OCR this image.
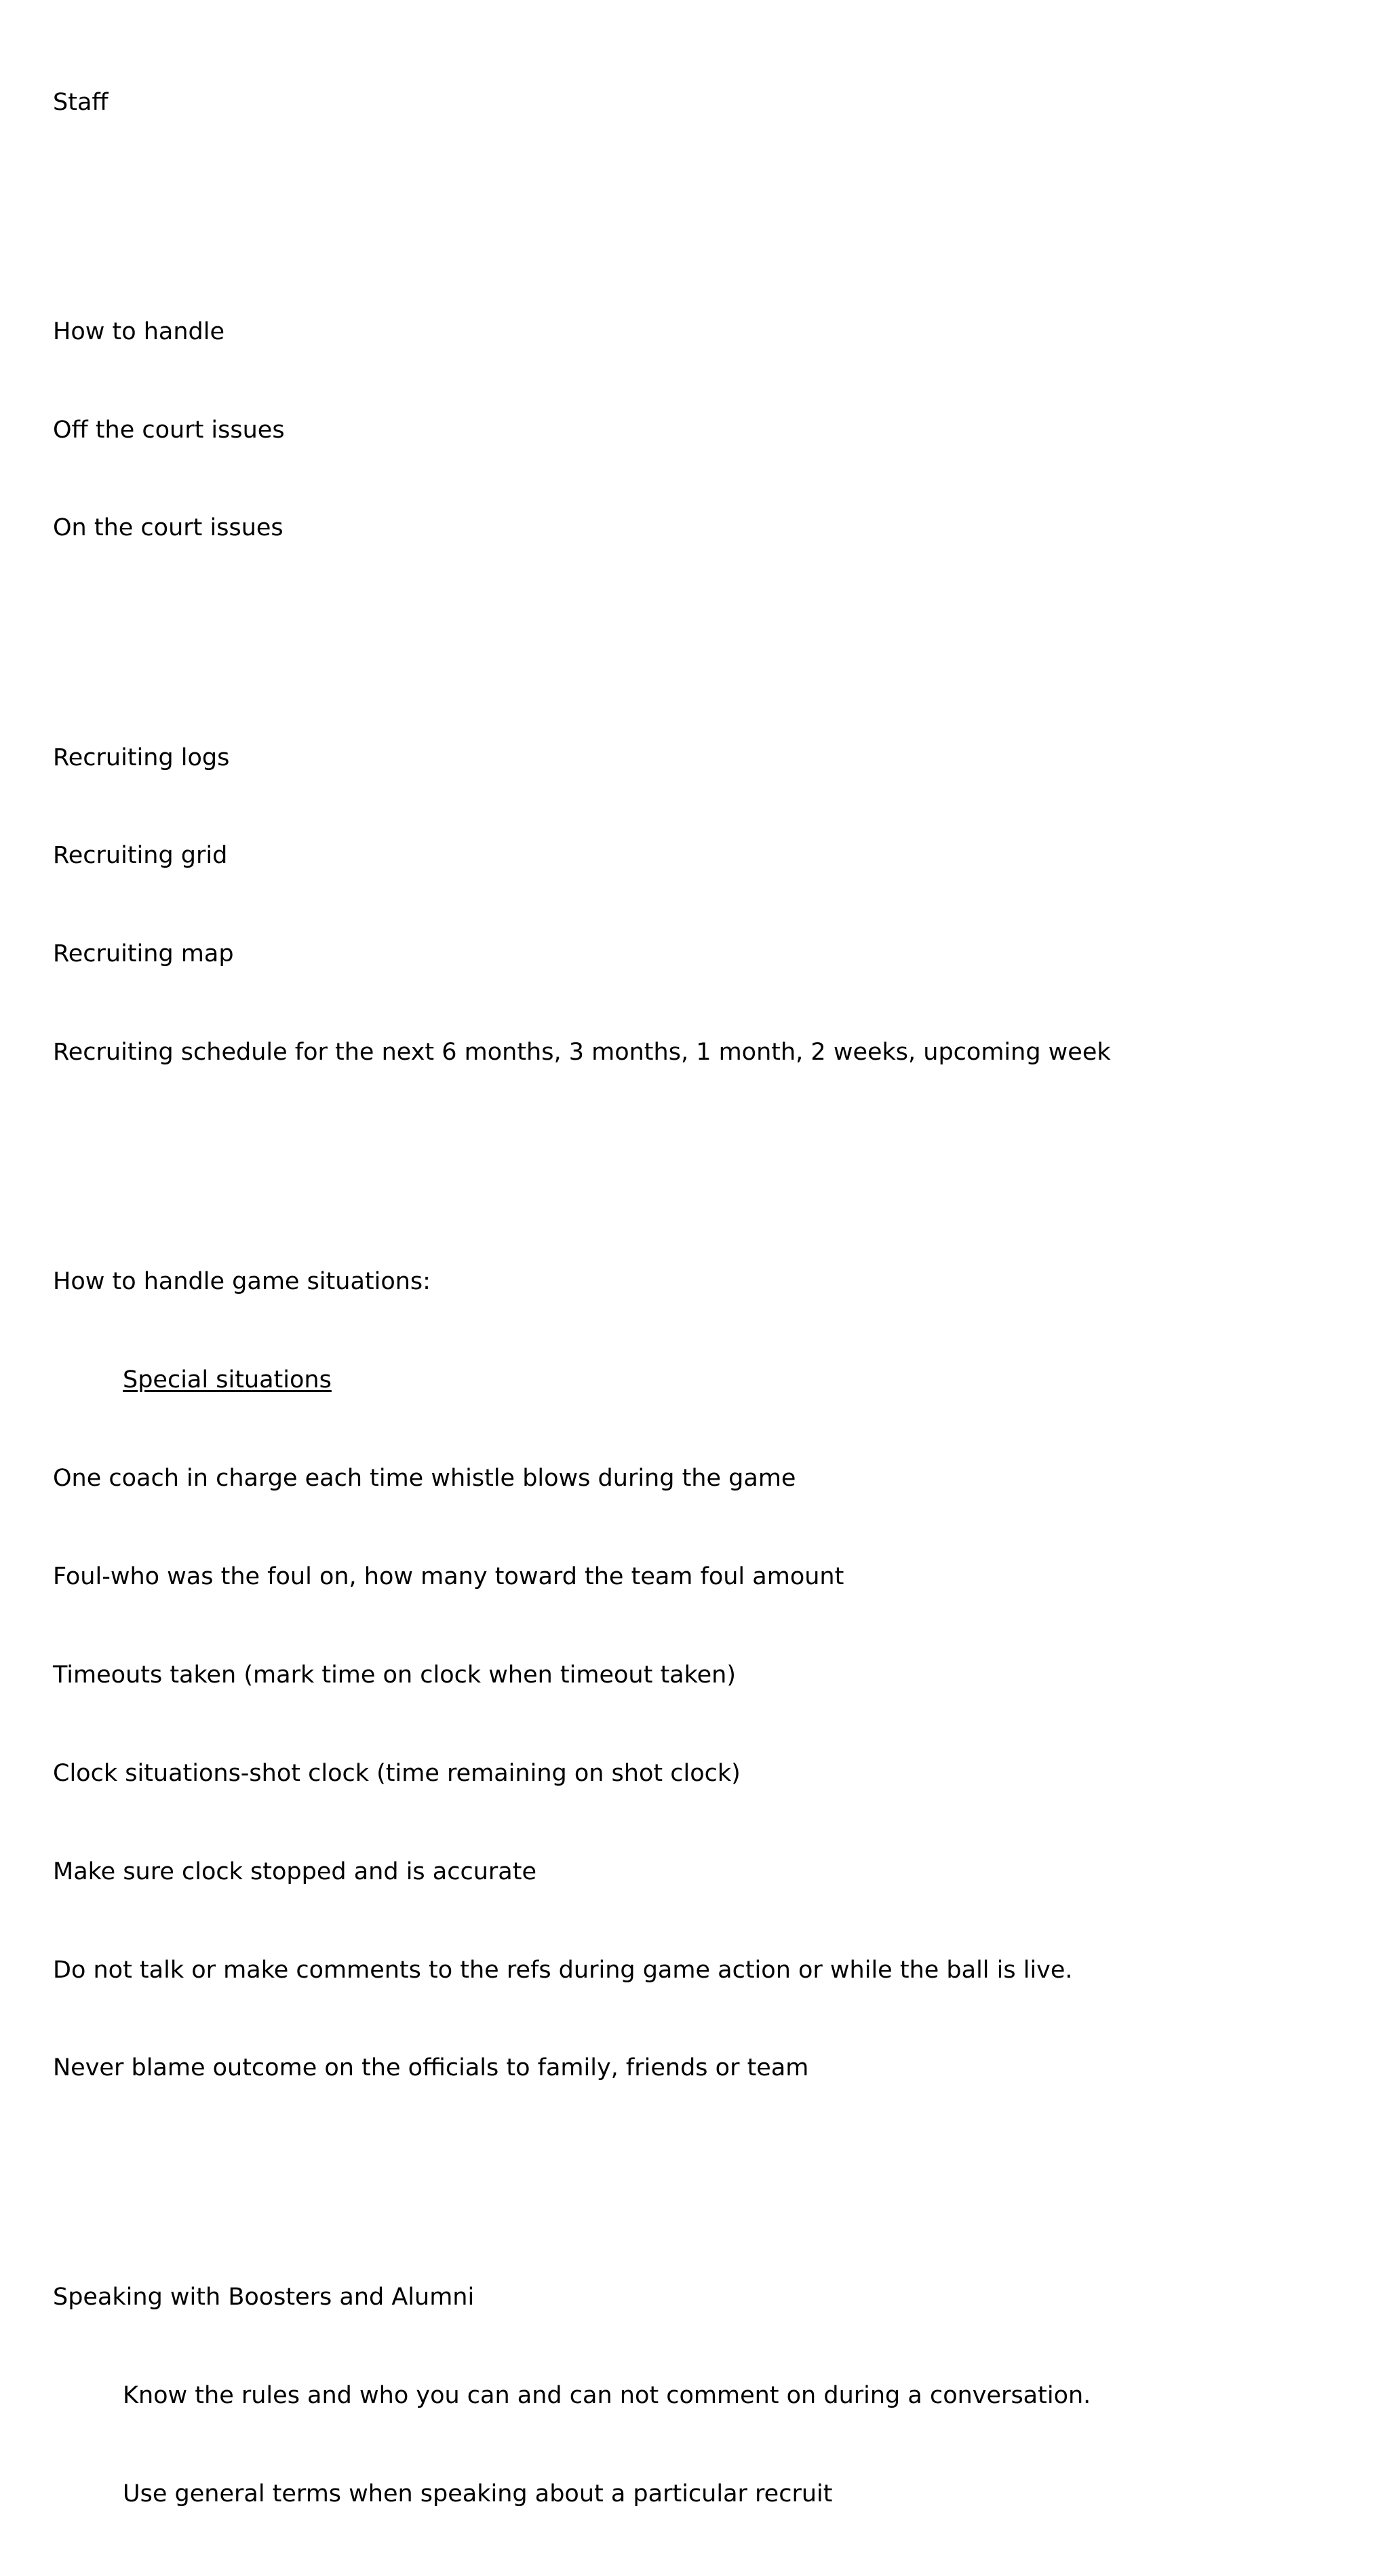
Staff

How to handle

Off the court issues

On the court issues

Recruiting logs

Recruiting grid

Recruiting map

Recruiting schedule for the next 6 months, 3 months, 1 month, 2 weeks, upcoming week

How to handle game situations:

Special situations

One coach in charge each time whistle blows during the game

Foul-who was the foul on, how many toward the team foul amount

Timeouts taken (mark time on clock when timeout taken)

Clock situations-shot clock (time remaining on shot clock)

Make sure clock stopped and is accurate

Do not talk or make comments to the refs during game action or while the ball is live.

Never blame outcome on the officials to family, friends or team

Speaking with Boosters and Alumni

Know the rules and who you can and can not comment on during a conversation.

Use general terms when speaking about a particular recruit
